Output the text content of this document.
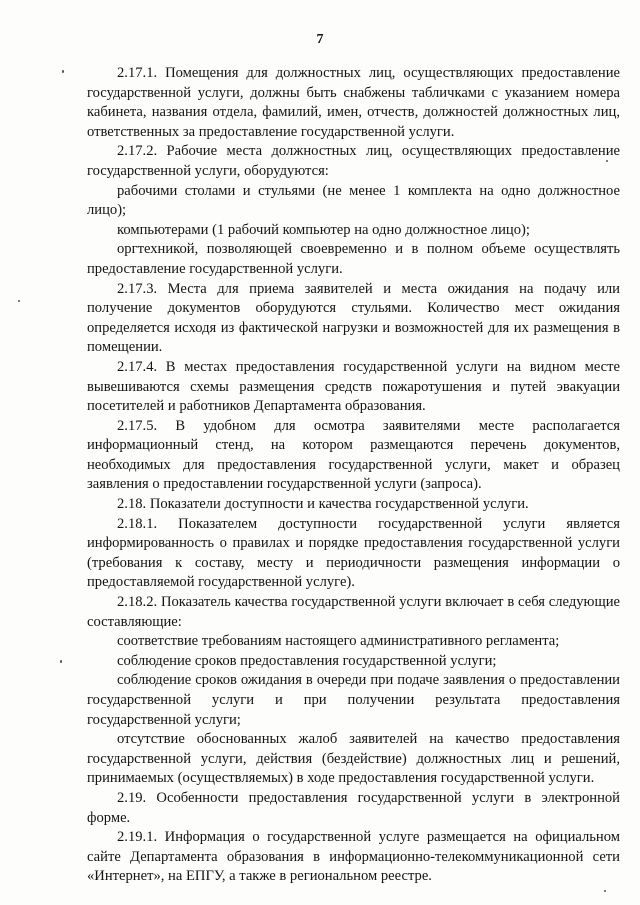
7

2.17.1. Помещения для должностных лиц, осуществляющих предоставление государственной услуги, должны быть снабжены табличками с указанием номера кабинета, названия отдела, фамилий, имен, отчеств, должностей должностных лиц, ответственных за предоставление государственной услуги.

2.17.2. Рабочие места должностных лиц, осуществляющих предоставление государственной услуги, оборудуются:

рабочими столами и стульями (не менее 1 комплекта на одно должностное лицо);

компьютерами (1 рабочий компьютер на одно должностное лицо);

оргтехникой, позволяющей своевременно и в полном объеме осуществлять предоставление государственной услуги.

2.17.3. Места для приема заявителей и места ожидания на подачу или получение документов оборудуются стульями. Количество мест ожидания определяется исходя из фактической нагрузки и возможностей для их размещения в помещении.

2.17.4. В местах предоставления государственной услуги на видном месте вывешиваются схемы размещения средств пожаротушения и путей эвакуации посетителей и работников Департамента образования.

2.17.5. В удобном для осмотра заявителями месте располагается информационный стенд, на котором размещаются перечень документов, необходимых для предоставления государственной услуги, макет и образец заявления о предоставлении государственной услуги (запроса).

2.18. Показатели доступности и качества государственной услуги.

2.18.1. Показателем доступности государственной услуги является информированность о правилах и порядке предоставления государственной услуги (требования к составу, месту и периодичности размещения информации о предоставляемой государственной услуге).

2.18.2. Показатель качества государственной услуги включает в себя следующие составляющие:

соответствие требованиям настоящего административного регламента;

соблюдение сроков предоставления государственной услуги;

соблюдение сроков ожидания в очереди при подаче заявления о предоставлении государственной услуги и при получении результата предоставления государственной услуги;

отсутствие обоснованных жалоб заявителей на качество предоставления государственной услуги, действия (бездействие) должностных лиц и решений, принимаемых (осуществляемых) в ходе предоставления государственной услуги.

2.19. Особенности предоставления государственной услуги в электронной форме.

2.19.1. Информация о государственной услуге размещается на официальном сайте Департамента образования в информационно-телекоммуникационной сети «Интернет», на ЕПГУ, а также в региональном реестре.
